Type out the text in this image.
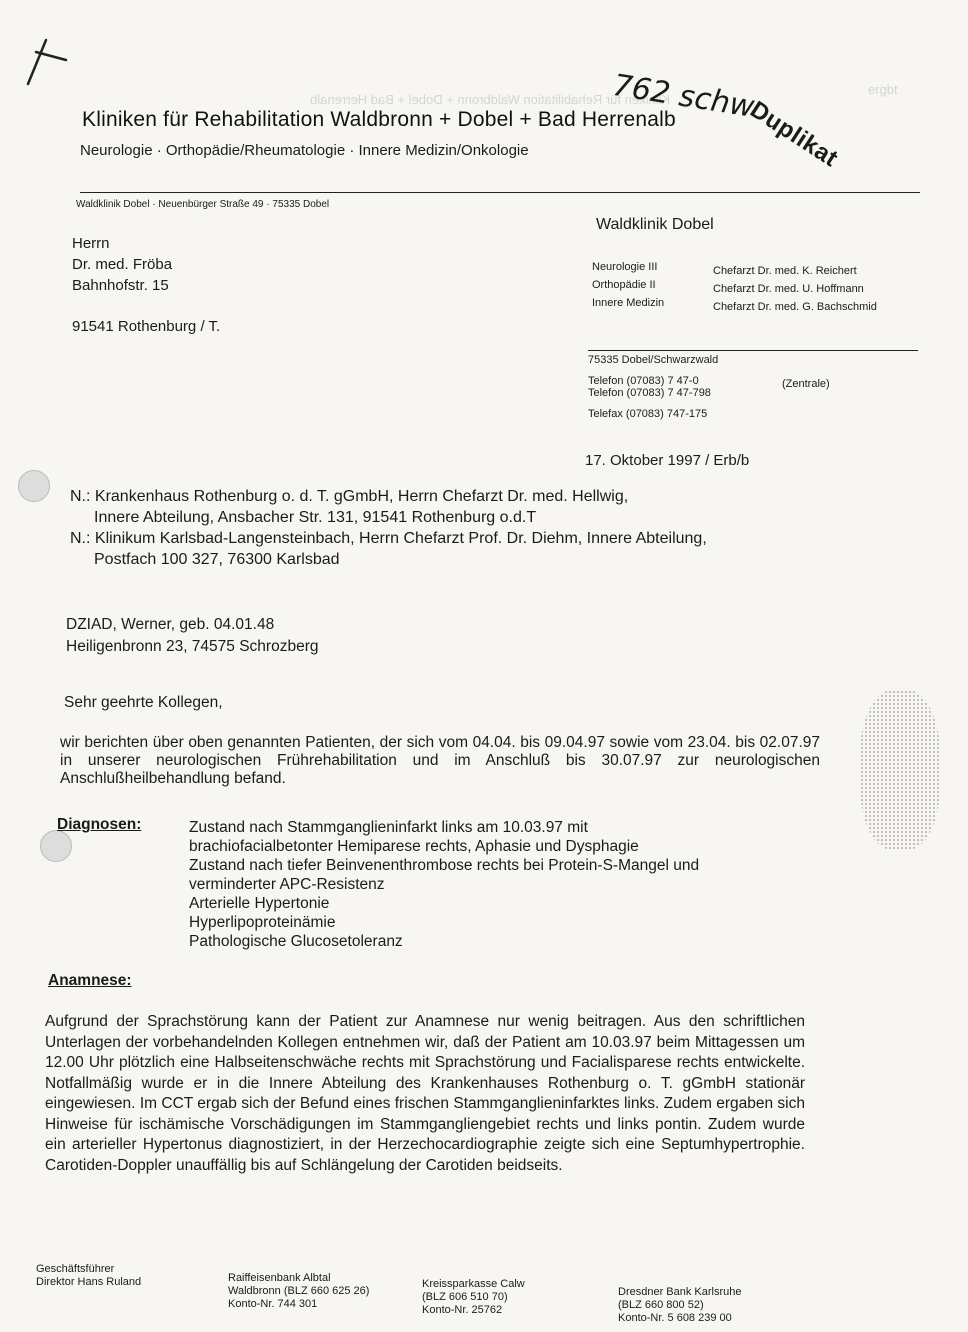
ergbt
Kliniken für Rehabilitation Waldbronn + Dobel + Bad Herrenalb
762 schw
Duplikat
Kliniken für Rehabilitation Waldbronn + Dobel + Bad Herrenalb
Neurologie · Orthopädie/Rheumatologie · Innere Medizin/Onkologie
Waldklinik Dobel · Neuenbürger Straße 49 · 75335 Dobel
Herrn
Dr. med. Fröba
Bahnhofstr. 15
91541 Rothenburg / T.
Waldklinik Dobel
Neurologie III
Orthopädie II
Innere Medizin
Chefarzt Dr. med. K. Reichert
Chefarzt Dr. med. U. Hoffmann
Chefarzt Dr. med. G. Bachschmid
75335 Dobel/Schwarzwald
Telefon (07083) 7 47-0
Telefon (07083) 7 47-798
Telefax (07083) 747-175
(Zentrale)
17. Oktober 1997 / Erb/b
N.: Krankenhaus Rothenburg o. d. T. gGmbH, Herrn Chefarzt Dr. med. Hellwig,
Innere Abteilung, Ansbacher Str. 131, 91541 Rothenburg o.d.T
N.: Klinikum Karlsbad-Langensteinbach, Herrn Chefarzt Prof. Dr. Diehm, Innere Abteilung,
Postfach 100 327, 76300 Karlsbad
DZIAD, Werner, geb. 04.01.48
Heiligenbronn 23, 74575 Schrozberg
Sehr geehrte Kollegen,
wir berichten über oben genannten Patienten, der sich vom 04.04. bis 09.04.97 sowie vom 23.04. bis 02.07.97 in unserer neurologischen Frührehabilitation und im Anschluß bis 30.07.97 zur neurologischen Anschlußheilbehandlung befand.
Diagnosen:	Zustand nach Stammganglieninfarkt links am 10.03.97 mit
brachiofacialbetonter Hemiparese rechts, Aphasie und Dysphagie
Zustand nach tiefer Beinvenenthrombose rechts bei Protein-S-Mangel und
verminderter APC-Resistenz
Arterielle Hypertonie
Hyperlipoproteinämie
Pathologische Glucosetoleranz
Anamnese:
Aufgrund der Sprachstörung kann der Patient zur Anamnese nur wenig beitragen. Aus den schriftlichen Unterlagen der vorbehandelnden Kollegen entnehmen wir, daß der Patient am 10.03.97 beim Mittagessen um 12.00 Uhr plötzlich eine Halbseitenschwäche rechts mit Sprachstörung und Facialisparese rechts entwickelte. Notfallmäßig wurde er in die Innere Abteilung des Krankenhauses Rothenburg o. T. gGmbH stationär eingewiesen. Im CCT ergab sich der Befund eines frischen Stammganglieninfarktes links. Zudem ergaben sich Hinweise für ischämische Vorschädigungen im Stammgangliengebiet rechts und links pontin. Zudem wurde ein arterieller Hypertonus diagnostiziert, in der Herzechocardiographie zeigte sich eine Septumhypertrophie. Carotiden-Doppler unauffällig bis auf Schlängelung der Carotiden beidseits.
Geschäftsführer
Direktor Hans Ruland	Raiffeisenbank Albtal
Waldbronn (BLZ 660 625 26)
Konto-Nr. 744 301
Kreissparkasse Calw
(BLZ 606 510 70)
Konto-Nr. 25762
Dresdner Bank Karlsruhe
(BLZ 660 800 52)
Konto-Nr. 5 608 239 00
